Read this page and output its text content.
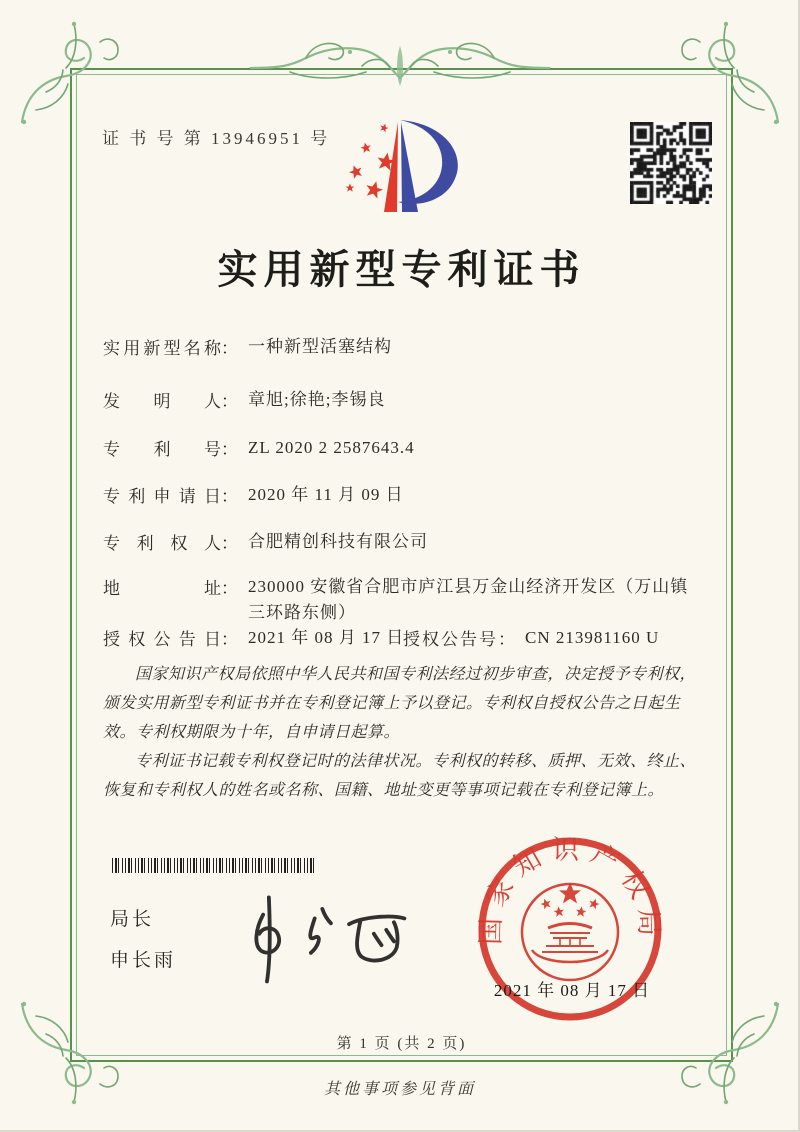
证 书 号 第 13946951 号
实用新型专利证书
实用新型名称 ： 一种新型活塞结构
发明人 ： 章旭;徐艳;李锡良
专利号 ： ZL 2020 2 2587643.4
专利申请日 ： 2020 年 11 月 09 日
专利权人 ： 合肥精创科技有限公司
地址 ： 230000 安徽省合肥市庐江县万金山经济开发区（万山镇三环路东侧）
授权公告日 ： 2021 年 08 月 17 日
授权公告号 ： CN 213981160 U

国家知识产权局依照中华人民共和国专利法经过初步审查，决定授予专利权，颁发实用新型专利证书并在专利登记簿上予以登记。专利权自授权公告之日起生效。专利权期限为十年，自申请日起算。

专利证书记载专利权登记时的法律状况。专利权的转移、质押、无效、终止、恢复和专利权人的姓名或名称、国籍、地址变更等事项记载在专利登记簿上。

局长
申长雨
国家知识产权局
2021 年 08 月 17 日
第 1 页 (共 2 页)
其他事项参见背面
